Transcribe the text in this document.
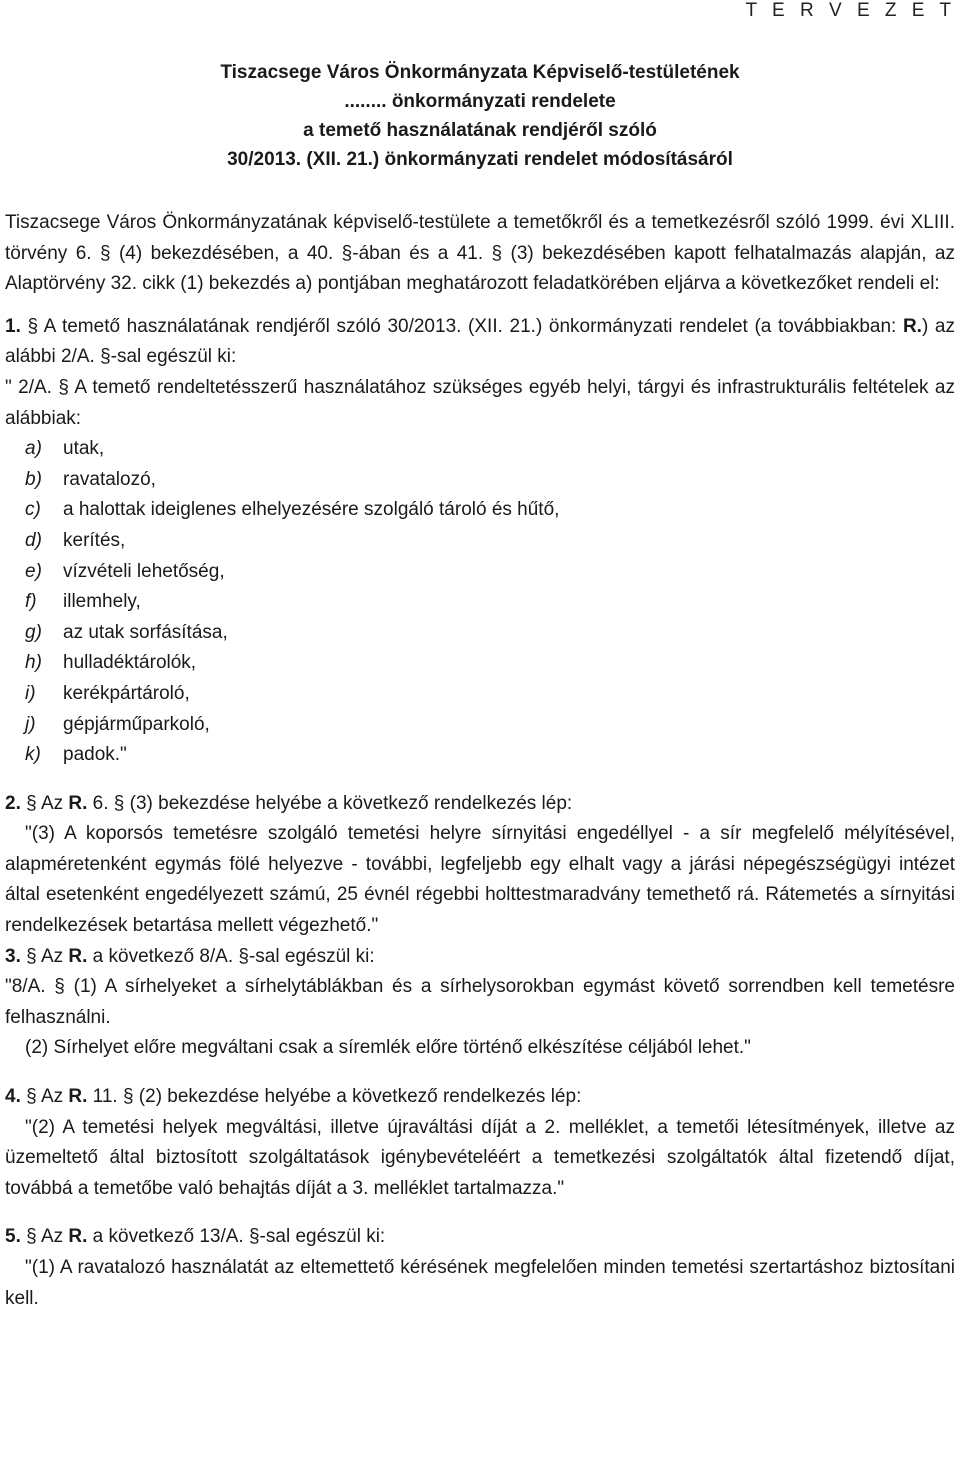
T E R V E Z E T
Tiszacsege Város Önkormányzata Képviselő-testületének
........ önkormányzati rendelete
a temető használatának rendjéről szóló
30/2013. (XII. 21.) önkormányzati rendelet módosításáról

Tiszacsege Város Önkormányzatának képviselő-testülete a temetőkről és a temetkezésről szóló 1999. évi XLIII. törvény 6. § (4) bekezdésében, a 40. §-ában és a 41. § (3) bekezdésében kapott felhatalmazás alapján, az Alaptörvény 32. cikk (1) bekezdés a) pontjában meghatározott feladatkörében eljárva a következőket rendeli el:

1. § A temető használatának rendjéről szóló 30/2013. (XII. 21.) önkormányzati rendelet (a továbbiakban: R.) az alábbi 2/A. §-sal egészül ki:

" 2/A. § A temető rendeltetésszerű használatához szükséges egyéb helyi, tárgyi és infrastrukturális feltételek az alábbiak:

a) utak,
b) ravatalozó,
c) a halottak ideiglenes elhelyezésére szolgáló tároló és hűtő,
d) kerítés,
e) vízvételi lehetőség,
f) illemhely,
g) az utak sorfásítása,
h) hulladéktárolók,
i) kerékpártároló,
j) gépjárműparkoló,
k) padok."

2. § Az R. 6. § (3) bekezdése helyébe a következő rendelkezés lép:

"(3) A koporsós temetésre szolgáló temetési helyre sírnyitási engedéllyel - a sír megfelelő mélyítésével, alapméretenként egymás fölé helyezve - további, legfeljebb egy elhalt vagy a járási népegészségügyi intézet által esetenként engedélyezett számú, 25 évnél régebbi holttestmaradvány temethető rá. Rátemetés a sírnyitási rendelkezések betartása mellett végezhető."

3. § Az R. a következő 8/A. §-sal egészül ki:

"8/A. § (1) A sírhelyeket a sírhelytáblákban és a sírhelysorokban egymást követő sorrendben kell temetésre felhasználni.

(2) Sírhelyet előre megváltani csak a síremlék előre történő elkészítése céljából lehet."

4. § Az R. 11. § (2) bekezdése helyébe a következő rendelkezés lép:

"(2) A temetési helyek megváltási, illetve újraváltási díját a 2. melléklet, a temetői létesítmények, illetve az üzemeltető által biztosított szolgáltatások igénybevételéért a temetkezési szolgáltatók által fizetendő díjat, továbbá a temetőbe való behajtás díját a 3. melléklet tartalmazza."

5. § Az R. a következő 13/A. §-sal egészül ki:

"(1) A ravatalozó használatát az eltemettető kérésének megfelelően minden temetési szertartáshoz biztosítani kell.
